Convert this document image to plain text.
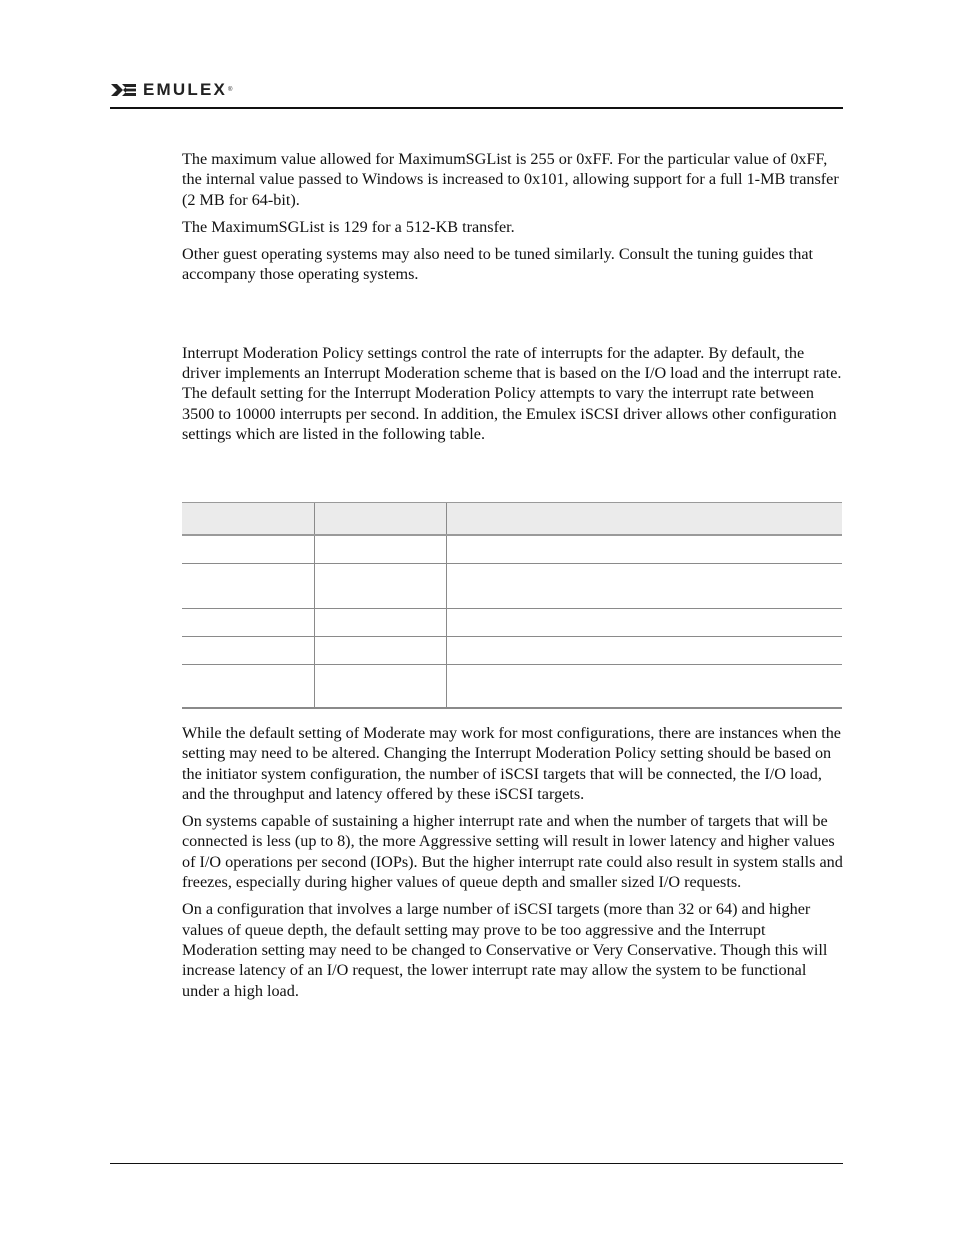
EMULEX ®

The maximum value allowed for MaximumSGList is 255 or 0xFF. For the particular value of 0xFF, the internal value passed to Windows is increased to 0x101, allowing support for a full 1-MB transfer (2 MB for 64-bit).

The MaximumSGList is 129 for a 512-KB transfer.

Other guest operating systems may also need to be tuned similarly. Consult the tuning guides that accompany those operating systems.

Interrupt Moderation Policy settings control the rate of interrupts for the adapter. By default, the driver implements an Interrupt Moderation scheme that is based on the I/O load and the interrupt rate. The default setting for the Interrupt Moderation Policy attempts to vary the interrupt rate between 3500 to 10000 interrupts per second. In addition, the Emulex iSCSI driver allows other configuration settings which are listed in the following table.

While the default setting of Moderate may work for most configurations, there are instances when the setting may need to be altered. Changing the Interrupt Moderation Policy setting should be based on the initiator system configuration, the number of iSCSI targets that will be connected, the I/O load, and the throughput and latency offered by these iSCSI targets.

On systems capable of sustaining a higher interrupt rate and when the number of targets that will be connected is less (up to 8), the more Aggressive setting will result in lower latency and higher values of I/O operations per second (IOPs). But the higher interrupt rate could also result in system stalls and freezes, especially during higher values of queue depth and smaller sized I/O requests.

On a configuration that involves a large number of iSCSI targets (more than 32 or 64) and higher values of queue depth, the default setting may prove to be too aggressive and the Interrupt Moderation setting may need to be changed to Conservative or Very Conservative. Though this will increase latency of an I/O request, the lower interrupt rate may allow the system to be functional under a high load.
